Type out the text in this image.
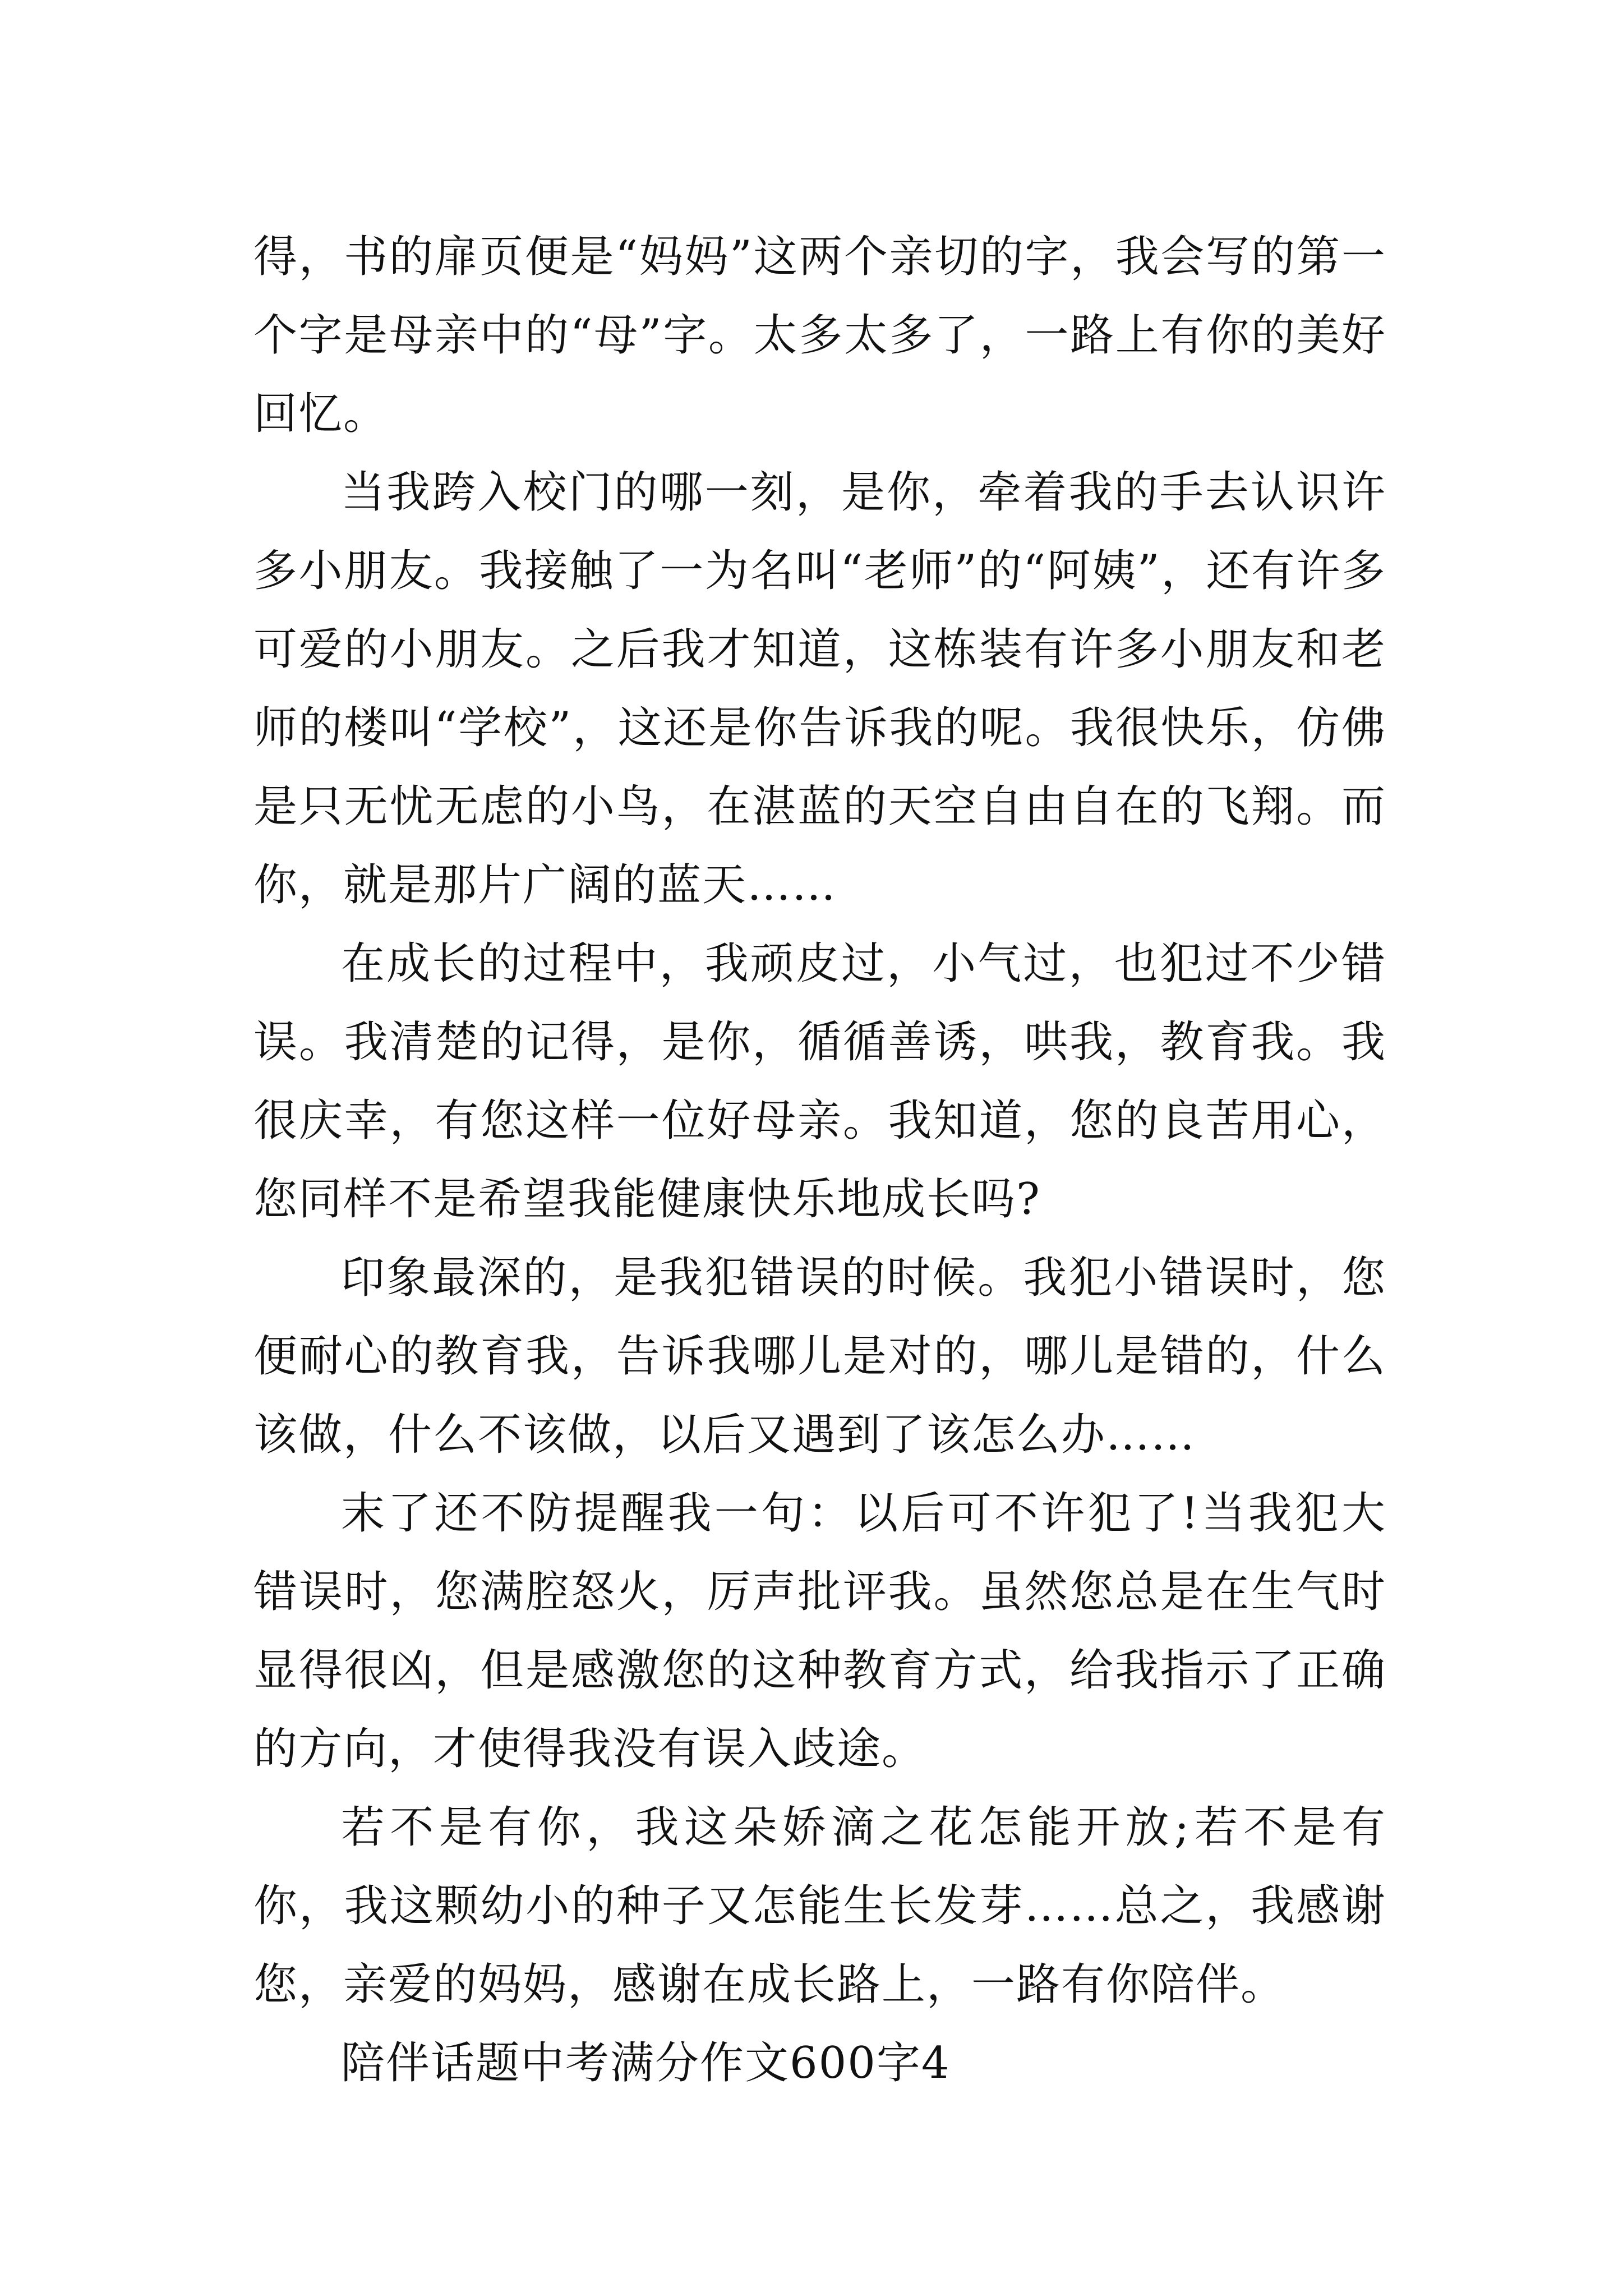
得，书的扉页便是“妈妈”这两个亲切的字，我会写的第一个字是母亲中的“母”字。太多太多了，一路上有你的美好回忆。

当我跨入校门的哪一刻，是你，牵着我的手去认识许多小朋友。我接触了一为名叫“老师”的“阿姨”，还有许多可爱的小朋友。之后我才知道，这栋装有许多小朋友和老师的楼叫“学校”，这还是你告诉我的呢。我很快乐，仿佛是只无忧无虑的小鸟，在湛蓝的天空自由自在的飞翔。而你，就是那片广阔的蓝天……

在成长的过程中，我顽皮过，小气过，也犯过不少错误。我清楚的记得，是你，循循善诱，哄我，教育我。我很庆幸，有您这样一位好母亲。我知道，您的良苦用心，您同样不是希望我能健康快乐地成长吗?

印象最深的，是我犯错误的时候。我犯小错误时，您便耐心的教育我，告诉我哪儿是对的，哪儿是错的，什么该做，什么不该做，以后又遇到了该怎么办……

末了还不防提醒我一句：以后可不许犯了!当我犯大错误时，您满腔怒火，厉声批评我。虽然您总是在生气时显得很凶，但是感激您的这种教育方式，给我指示了正确的方向，才使得我没有误入歧途。

若不是有你，我这朵娇滴之花怎能开放;若不是有你，我这颗幼小的种子又怎能生长发芽……总之，我感谢您，亲爱的妈妈，感谢在成长路上，一路有你陪伴。

陪伴话题中考满分作文600字4
